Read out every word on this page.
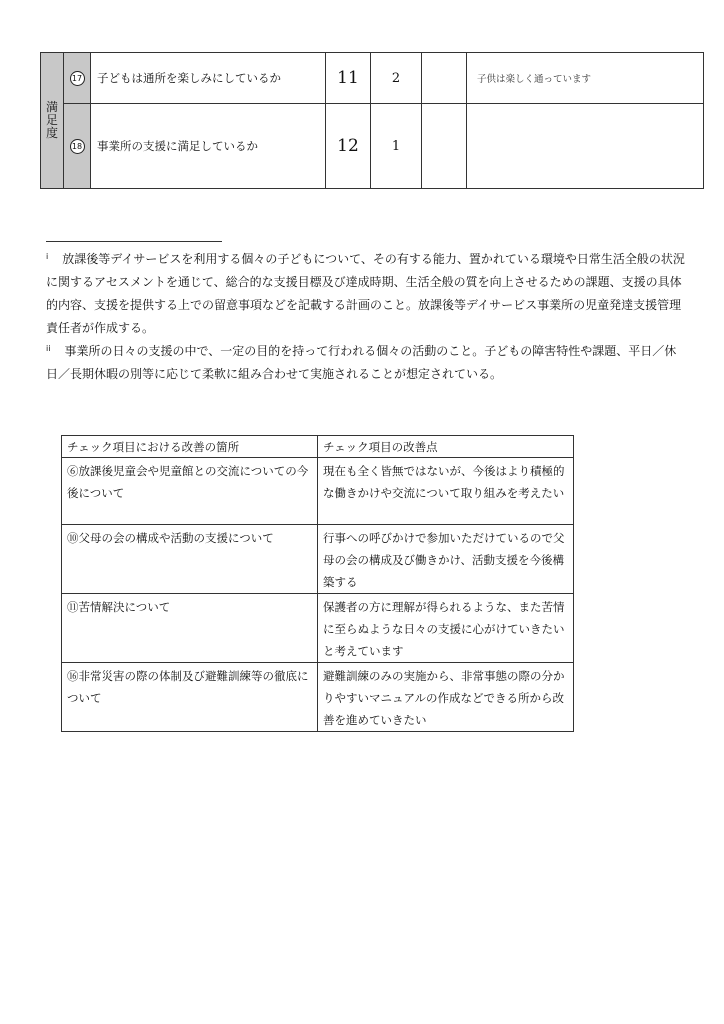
満
足
度	17	子どもは通所を楽しみにしているか	11	2		子供は楽しく通っています
	18	事業所の支援に満足しているか	12	1		

$^i$ 放課後等デイサービスを利用する個々の子どもについて、その有する能力、置かれている環境や日常生活全般の状況に関するアセスメントを通じて、総合的な支援目標及び達成時期、生活全般の質を向上させるための課題、支援の具体的内容、支援を提供する上での留意事項などを記載する計画のこと。放課後等デイサービス事業所の児童発達支援管理責任者が作成する。

$^{ii}$ 事業所の日々の支援の中で、一定の目的を持って行われる個々の活動のこと。子どもの障害特性や課題、平日／休日／長期休暇の別等に応じて柔軟に組み合わせて実施されることが想定されている。

チェック項目における改善の箇所	チェック項目の改善点
⑥放課後児童会や児童館との交流についての今後について	現在も全く皆無ではないが、今後はより積極的な働きかけや交流について取り組みを考えたい
⑩父母の会の構成や活動の支援について	行事への呼びかけで参加いただけているので父母の会の構成及び働きかけ、活動支援を今後構築する
⑪苦情解決について	保護者の方に理解が得られるような、また苦情に至らぬような日々の支援に心がけていきたいと考えています
⑯非常災害の際の体制及び避難訓練等の徹底について	避難訓練のみの実施から、非常事態の際の分かりやすいマニュアルの作成などできる所から改善を進めていきたい
